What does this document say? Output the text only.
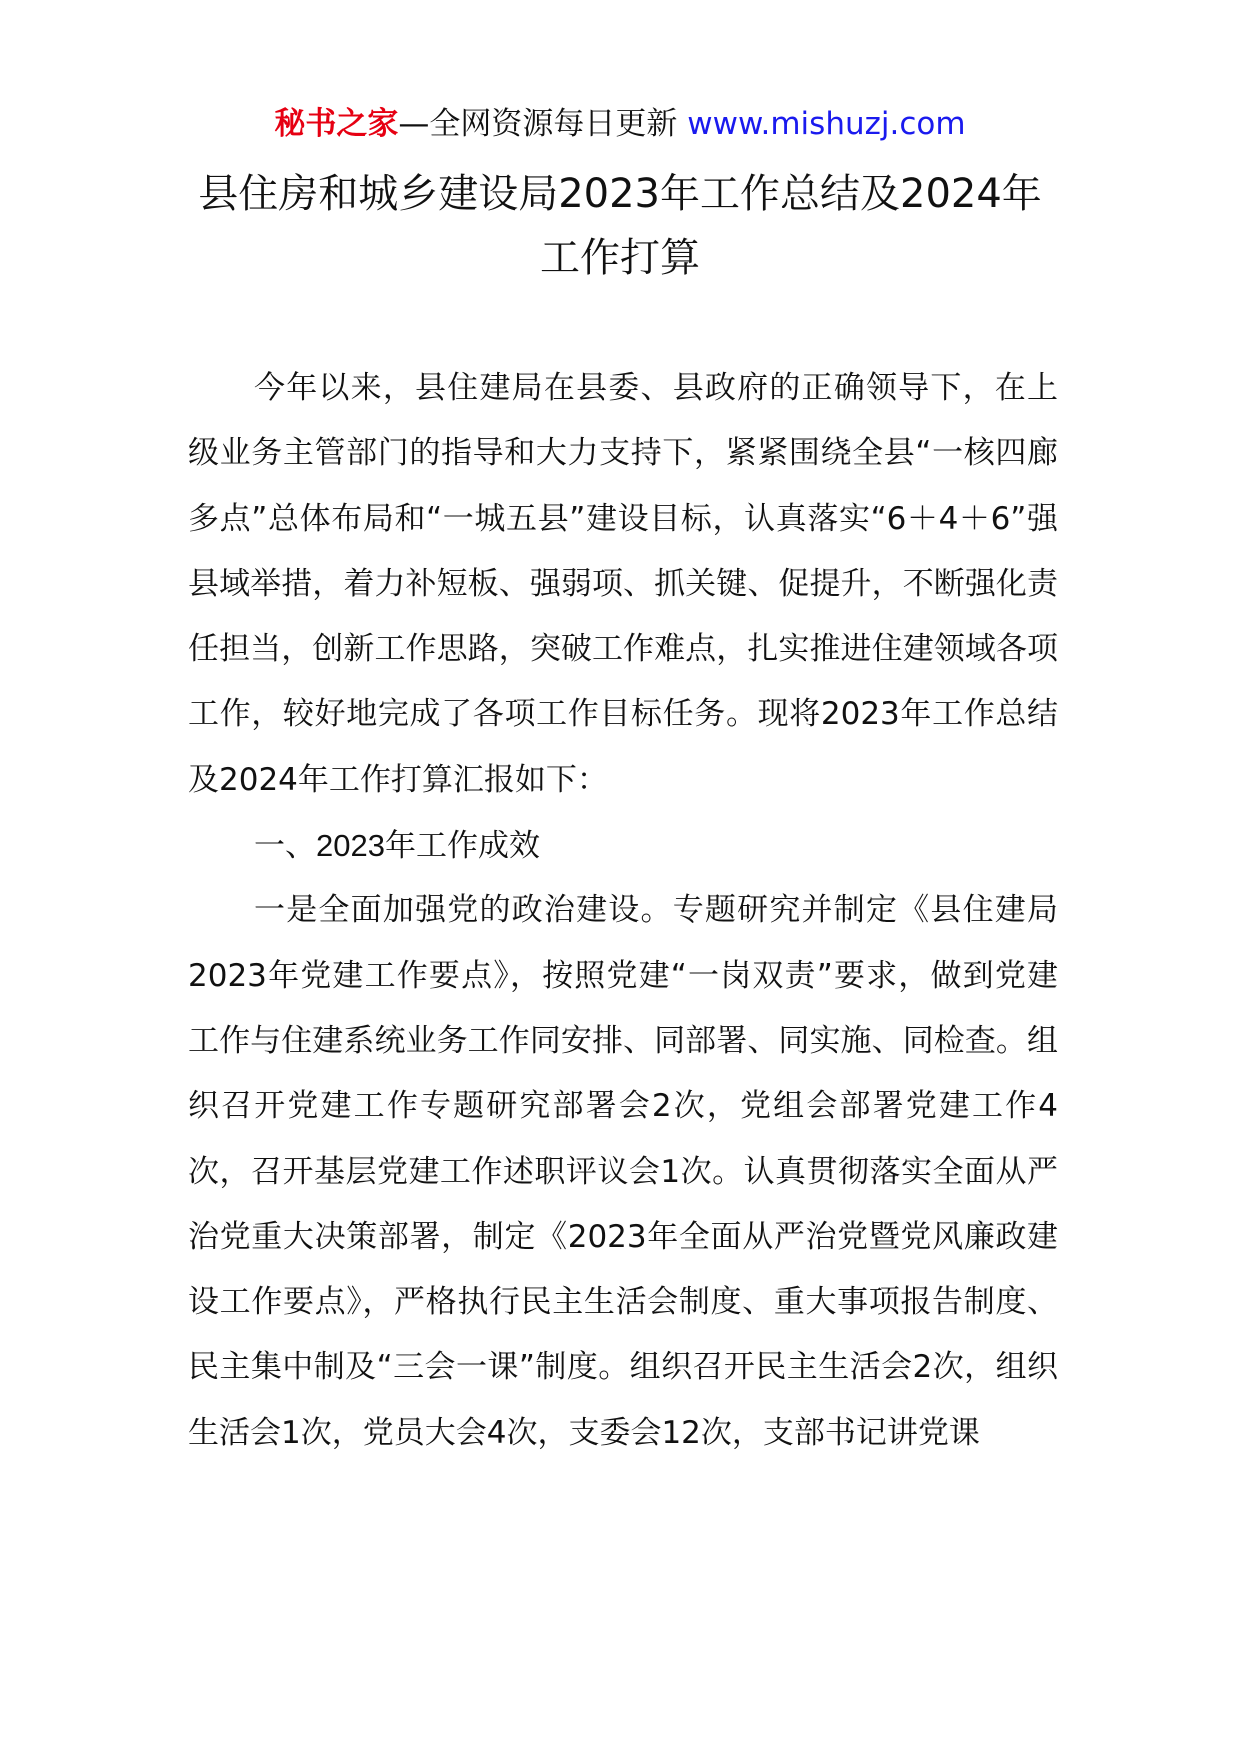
秘书之家—全网资源每日更新 www.mishuzj.com
县住房和城乡建设局2023年工作总结及2024年工作打算

今年以来，县住建局在县委、县政府的正确领导下，在上级业务主管部门的指导和大力支持下，紧紧围绕全县“一核四廊多点”总体布局和“一城五县”建设目标，认真落实“6＋4＋6”强县域举措，着力补短板、强弱项、抓关键、促提升，不断强化责任担当，创新工作思路，突破工作难点，扎实推进住建领域各项工作，较好地完成了各项工作目标任务。现将2023年工作总结及2024年工作打算汇报如下：

一、2023年工作成效

一是全面加强党的政治建设。专题研究并制定《县住建局2023年党建工作要点》，按照党建“一岗双责”要求，做到党建工作与住建系统业务工作同安排、同部署、同实施、同检查。组织召开党建工作专题研究部署会2次，党组会部署党建工作4次，召开基层党建工作述职评议会1次。认真贯彻落实全面从严治党重大决策部署，制定《2023年全面从严治党暨党风廉政建设工作要点》，严格执行民主生活会制度、重大事项报告制度、民主集中制及“三会一课”制度。组织召开民主生活会2次，组织生活会1次，党员大会4次，支委会12次，支部书记讲党课
